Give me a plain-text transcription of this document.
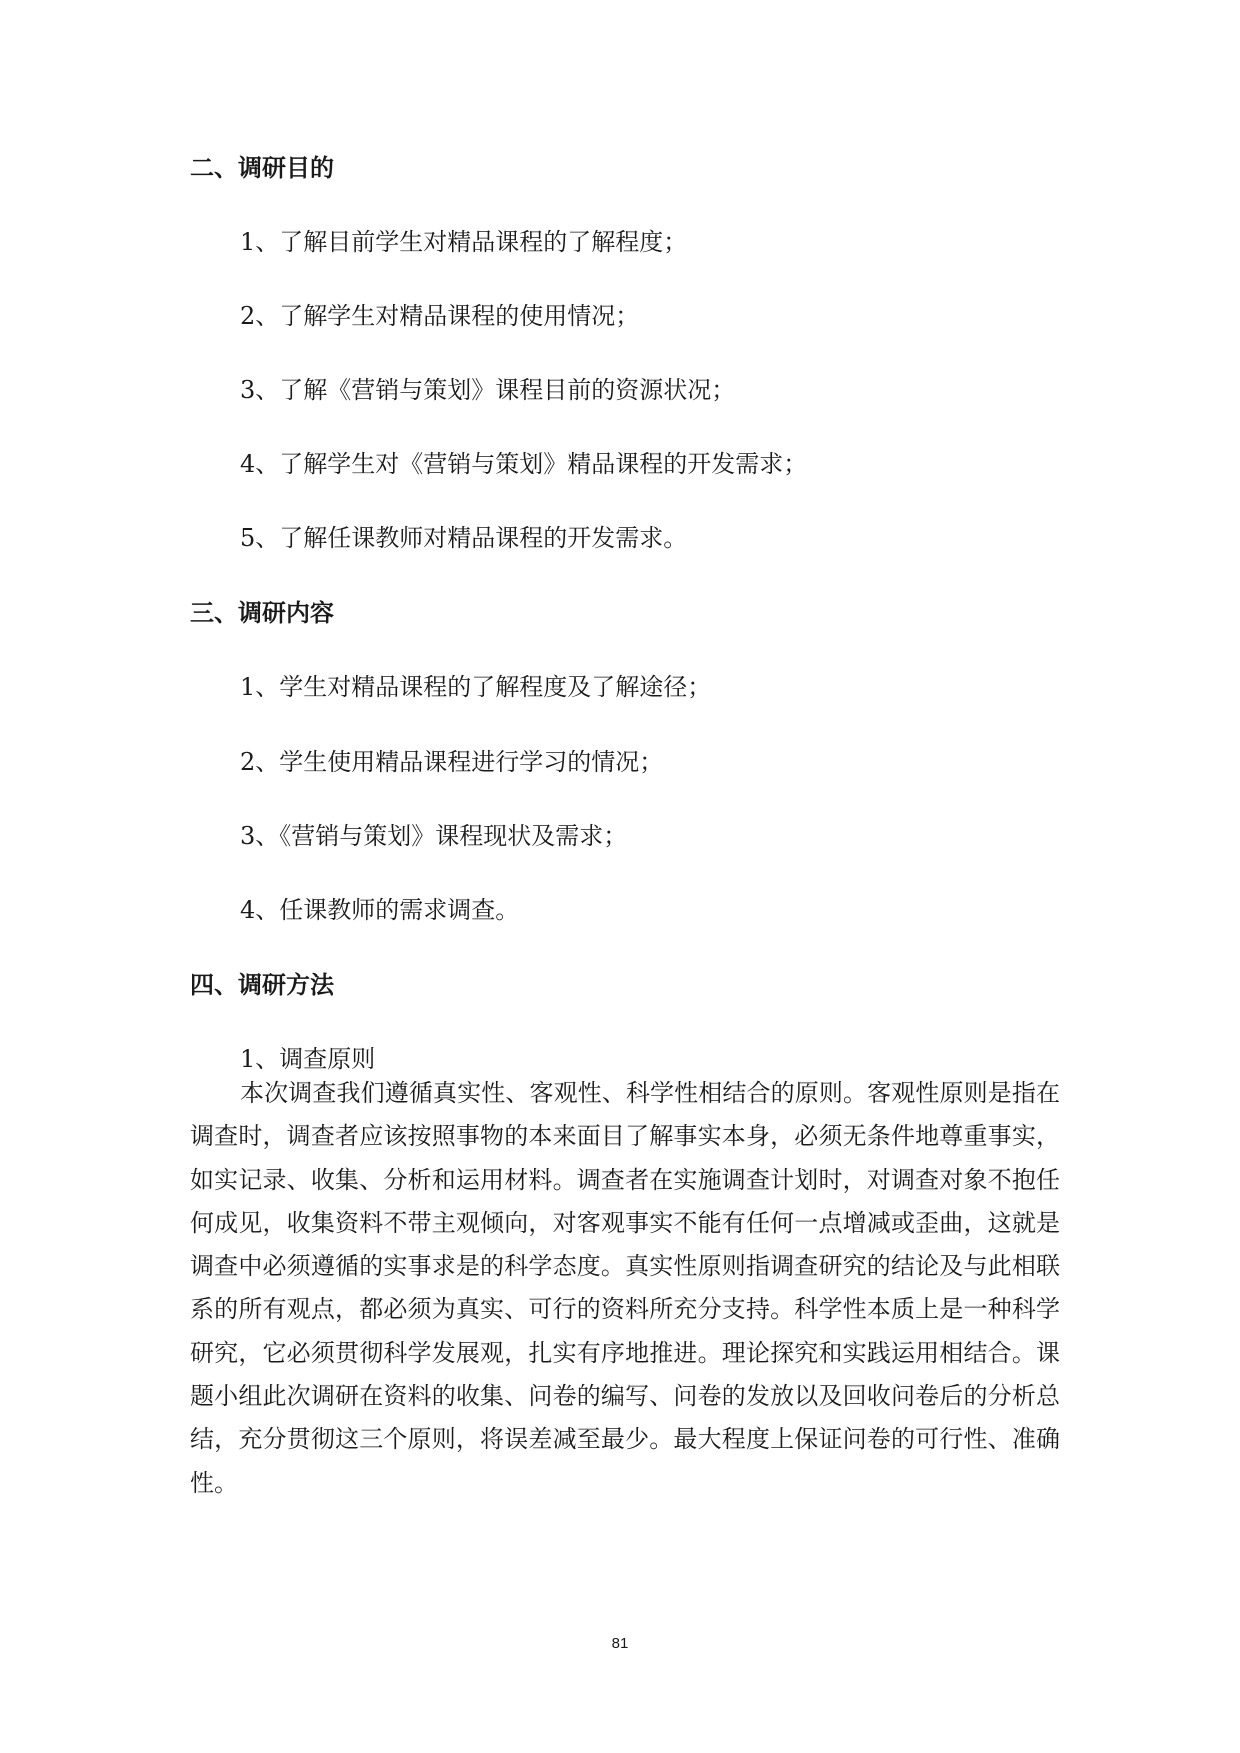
二、调研目的

1、了解目前学生对精品课程的了解程度；

2、了解学生对精品课程的使用情况；

3、了解《营销与策划》课程目前的资源状况；

4、了解学生对《营销与策划》精品课程的开发需求；

5、了解任课教师对精品课程的开发需求。

三、调研内容

1、学生对精品课程的了解程度及了解途径；

2、学生使用精品课程进行学习的情况；

3、《营销与策划》课程现状及需求；

4、任课教师的需求调查。

四、调研方法

1、调查原则

本次调查我们遵循真实性、客观性、科学性相结合的原则。客观性原则是指在调查时，调查者应该按照事物的本来面目了解事实本身，必须无条件地尊重事实，如实记录、收集、分析和运用材料。调查者在实施调查计划时，对调查对象不抱任何成见，收集资料不带主观倾向，对客观事实不能有任何一点增减或歪曲，这就是调查中必须遵循的实事求是的科学态度。真实性原则指调查研究的结论及与此相联系的所有观点，都必须为真实、可行的资料所充分支持。科学性本质上是一种科学研究，它必须贯彻科学发展观，扎实有序地推进。理论探究和实践运用相结合。课题小组此次调研在资料的收集、问卷的编写、问卷的发放以及回收问卷后的分析总结，充分贯彻这三个原则，将误差减至最少。最大程度上保证问卷的可行性、准确性。

81
